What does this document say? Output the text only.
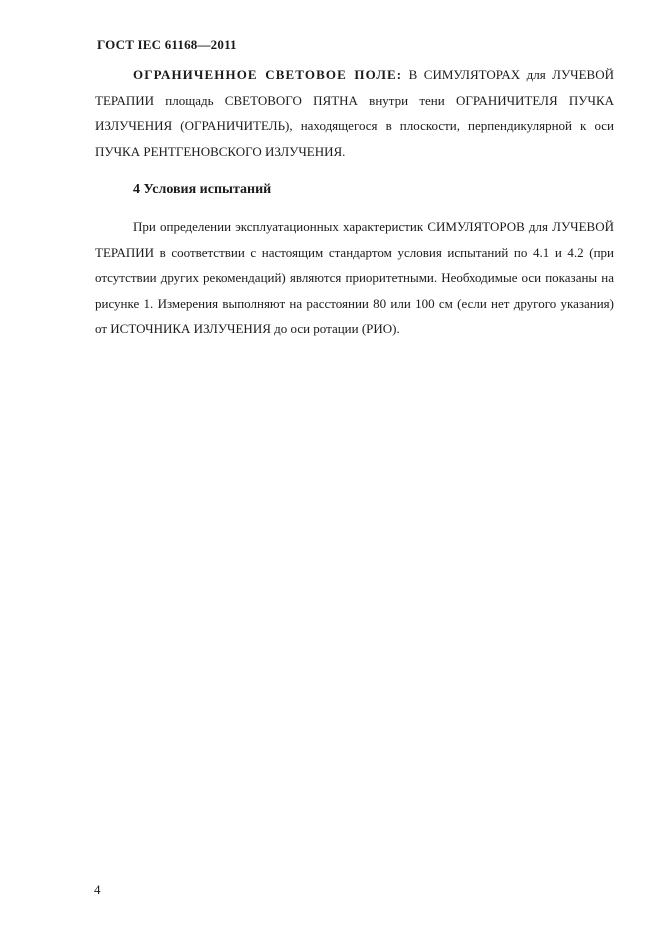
ГОСТ IEC 61168—2011

ОГРАНИЧЕННОЕ СВЕТОВОЕ ПОЛЕ: В СИМУЛЯТОРАХ для ЛУЧЕВОЙ ТЕРАПИИ площадь СВЕТОВОГО ПЯТНА внутри тени ОГРАНИЧИТЕЛЯ ПУЧКА ИЗЛУЧЕНИЯ (ОГРАНИЧИТЕЛЬ), находящегося в плоскости, перпендикулярной к оси ПУЧКА РЕНТГЕНОВСКОГО ИЗЛУЧЕНИЯ.

4 Условия испытаний

При определении эксплуатационных характеристик СИМУЛЯТОРОВ для ЛУЧЕВОЙ ТЕРАПИИ в соответствии с настоящим стандартом условия испытаний по 4.1 и 4.2 (при отсутствии других рекомендаций) являются приоритетными. Необходимые оси показаны на рисунке 1. Измерения выполняют на расстоянии 80 или 100 см (если нет другого указания) от ИСТОЧНИКА ИЗЛУЧЕНИЯ до оси ротации (РИО).

4
